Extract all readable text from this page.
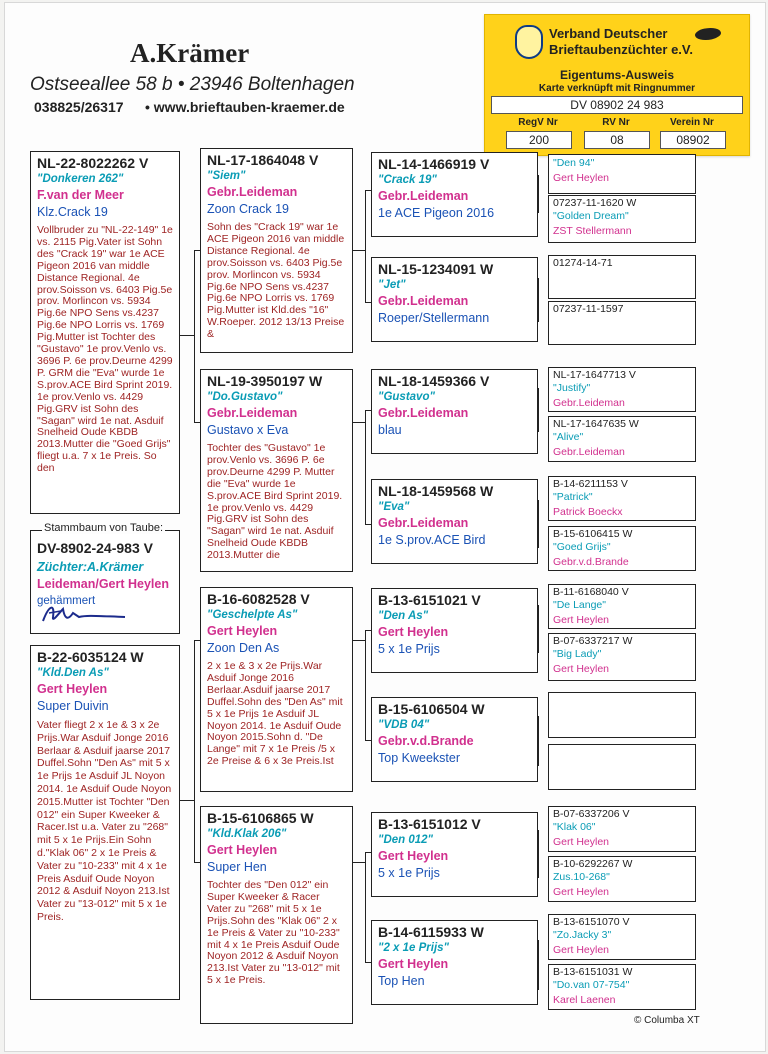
A.Krämer
Ostseeallee 58 b • 23946 Boltenhagen
038825/26317 • www.brieftauben-kraemer.de
Verband Deutscher
Brieftaubenzüchter e.V.
Eigentums-Ausweis
Karte verknüpft mit Ringnummer
DV 08902 24 983
RegV Nr	RV Nr	Verein Nr
200	08	08902
NL-22-8022262 V
"Donkeren 262"
F.van der Meer
Klz.Crack 19
Vollbruder zu "NL-22-149" 1e vs. 2115 Pig.Vater ist Sohn des "Crack 19" war 1e ACE Pigeon 2016 van middle Distance Regional. 4e prov.Soisson vs. 6403 Pig.5e prov. Morlincon vs. 5934 Pig.6e NPO Sens vs.4237 Pig.6e NPO Lorris vs. 1769 Pig.Mutter ist Tochter des "Gustavo" 1e prov.Venlo vs. 3696 P. 6e prov.Deurne 4299 P. GRM die "Eva" wurde 1e S.prov.ACE Bird Sprint 2019. 1e prov.Venlo vs. 4429 Pig.GRV ist Sohn des "Sagan" wird 1e nat. Asduif Snelheid Oude KBDB 2013.Mutter die "Goed Grijs" fliegt u.a. 7 x 1e Preis. So den
DV-8902-24-983 V
Züchter:A.Krämer
Leideman/Gert Heylen
gehämmert
Stammbaum von Taube:
B-22-6035124 W
"Kld.Den As"
Gert Heylen
Super Duivin
Vater fliegt 2 x 1e & 3 x 2e Prijs.War Asduif Jonge 2016 Berlaar & Asduif jaarse 2017 Duffel.Sohn "Den As" mit 5 x 1e Prijs 1e Asduif JL Noyon 2014. 1e Asduif Oude Noyon 2015.Mutter ist Tochter "Den 012" ein Super Kweeker & Racer.Ist u.a. Vater zu "268" mit 5 x 1e Prijs.Ein Sohn d."Klak 06" 2 x 1e Preis & Vater zu "10-233" mit 4 x 1e Preis Asduif Oude Noyon 2012 & Asduif Noyon 213.Ist Vater zu "13-012" mit 5 x 1e Preis.
NL-17-1864048 V
"Siem"
Gebr.Leideman
Zoon Crack 19
Sohn des "Crack 19" war 1e ACE Pigeon 2016 van middle Distance Regional. 4e prov.Soisson vs. 6403 Pig.5e prov. Morlincon vs. 5934 Pig.6e NPO Sens vs.4237 Pig.6e NPO Lorris vs. 1769 Pig.Mutter ist Kld.des "16" W.Roeper. 2012 13/13 Preise &
NL-19-3950197 W
"Do.Gustavo"
Gebr.Leideman
Gustavo x Eva
Tochter des "Gustavo" 1e prov.Venlo vs. 3696 P. 6e prov.Deurne 4299 P. Mutter die "Eva" wurde 1e S.prov.ACE Bird Sprint 2019. 1e prov.Venlo vs. 4429 Pig.GRV ist Sohn des "Sagan" wird 1e nat. Asduif Snelheid Oude KBDB 2013.Mutter die
B-16-6082528 V
"Geschelpte As"
Gert Heylen
Zoon Den As
2 x 1e & 3 x 2e Prijs.War Asduif Jonge 2016 Berlaar.Asduif jaarse 2017 Duffel.Sohn des "Den As" mit 5 x 1e Prijs 1e Asduif JL Noyon 2014. 1e Asduif Oude Noyon 2015.Sohn d. "De Lange" mit 7 x 1e Preis /5 x 2e Preise & 6 x 3e Preis.Ist
B-15-6106865 W
"Kld.Klak 206"
Gert Heylen
Super Hen
Tochter des "Den 012" ein Super Kweeker & Racer Vater zu "268" mit 5 x 1e Prijs.Sohn des "Klak 06" 2 x 1e Preis & Vater zu "10-233" mit 4 x 1e Preis Asduif Oude Noyon 2012 & Asduif Noyon 213.Ist Vater zu "13-012" mit 5 x 1e Preis.
NL-14-1466919 V
"Crack 19"
Gebr.Leideman
1e ACE Pigeon 2016
NL-15-1234091 W
"Jet"
Gebr.Leideman
Roeper/Stellermann
NL-18-1459366 V
"Gustavo"
Gebr.Leideman
blau
NL-18-1459568 W
"Eva"
Gebr.Leideman
1e S.prov.ACE Bird
B-13-6151021 V
"Den As"
Gert Heylen
5 x 1e Prijs
B-15-6106504 W
"VDB 04"
Gebr.v.d.Brande
Top Kweekster
B-13-6151012 V
"Den 012"
Gert Heylen
5 x 1e Prijs
B-14-6115933 W
"2 x 1e Prijs"
Gert Heylen
Top Hen
"Den 94"
Gert Heylen
07237-11-1620 W
"Golden Dream"
ZST Stellermann
01274-14-71
07237-11-1597
NL-17-1647713 V
"Justify"
Gebr.Leideman
NL-17-1647635 W
"Alive"
Gebr.Leideman
B-14-6211153 V
"Patrick"
Patrick Boeckx
B-15-6106415 W
"Goed Grijs"
Gebr.v.d.Brande
B-11-6168040 V
"De Lange"
Gert Heylen
B-07-6337217 W
"Big Lady"
Gert Heylen
B-07-6337206 V
"Klak 06"
Gert Heylen
B-10-6292267 W
Zus.10-268"
Gert Heylen
B-13-6151070 V
"Zo.Jacky 3"
Gert Heylen
B-13-6151031 W
"Do.van 07-754"
Karel Laenen
© Columba XT
